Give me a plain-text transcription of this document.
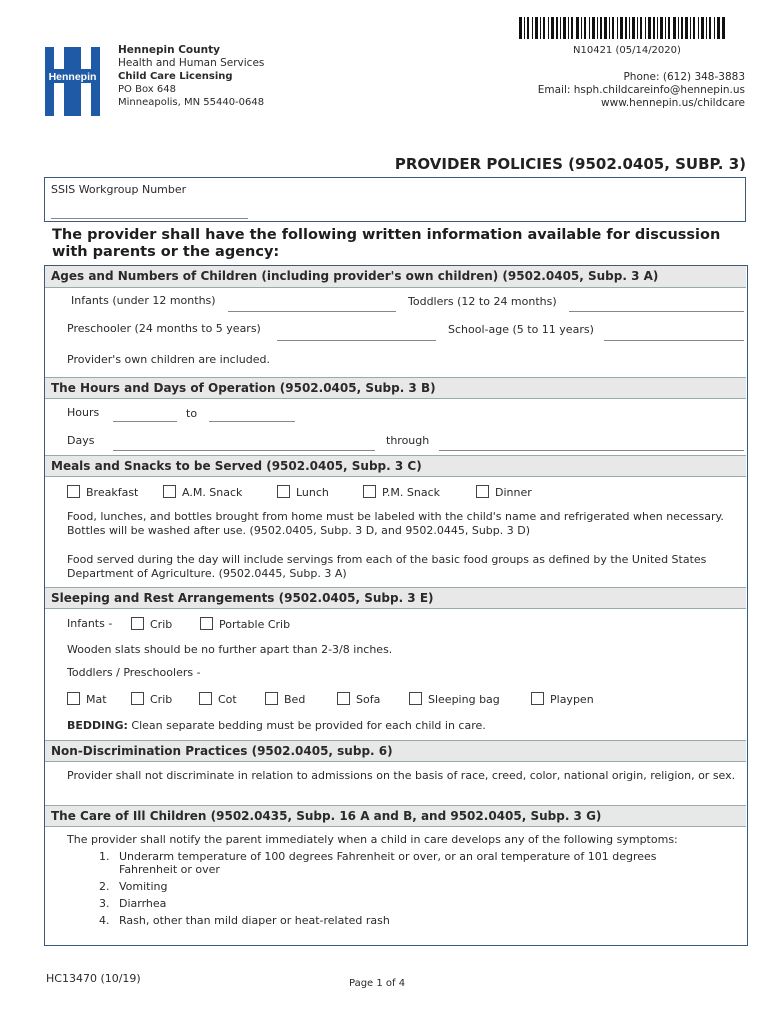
Hennepin
Hennepin County
Health and Human Services
Child Care Licensing
PO Box 648
Minneapolis, MN 55440-0648
N10421 (05/14/2020)
Phone: (612) 348-3883
Email: hsph.childcareinfo@hennepin.us
www.hennepin.us/childcare
PROVIDER POLICIES (9502.0405, SUBP. 3)
SSIS Workgroup Number
The provider shall have the following written information available for discussion with parents or the agency:
Ages and Numbers of Children (including provider's own children) (9502.0405, Subp. 3 A)
Infants (under 12 months)	Toddlers (12 to 24 months)
Preschooler (24 months to 5 years)	School-age (5 to 11 years)
Provider's own children are included.
The Hours and Days of Operation (9502.0405, Subp. 3 B)
Hours	to
Days	through
Meals and Snacks to be Served (9502.0405, Subp. 3 C)
Breakfast	A.M. Snack	Lunch	P.M. Snack	Dinner
Food, lunches, and bottles brought from home must be labeled with the child's name and refrigerated when necessary. Bottles will be washed after use. (9502.0405, Subp. 3 D, and 9502.0445, Subp. 3 D)
Food served during the day will include servings from each of the basic food groups as defined by the United States Department of Agriculture. (9502.0445, Subp. 3 A)
Sleeping and Rest Arrangements (9502.0405, Subp. 3 E)
Infants -	Crib	Portable Crib
Wooden slats should be no further apart than 2-3/8 inches.
Toddlers / Preschoolers -
Mat	Crib	Cot	Bed	Sofa	Sleeping bag	Playpen
BEDDING: Clean separate bedding must be provided for each child in care.
Non-Discrimination Practices (9502.0405, subp. 6)
Provider shall not discriminate in relation to admissions on the basis of race, creed, color, national origin, religion, or sex.
The Care of Ill Children (9502.0435, Subp. 16 A and B, and 9502.0405, Subp. 3 G)
The provider shall notify the parent immediately when a child in care develops any of the following symptoms:
1. Underarm temperature of 100 degrees Fahrenheit or over, or an oral temperature of 101 degrees Fahrenheit or over
2. Vomiting
3. Diarrhea
4. Rash, other than mild diaper or heat-related rash
HC13470 (10/19)	Page 1 of 4
